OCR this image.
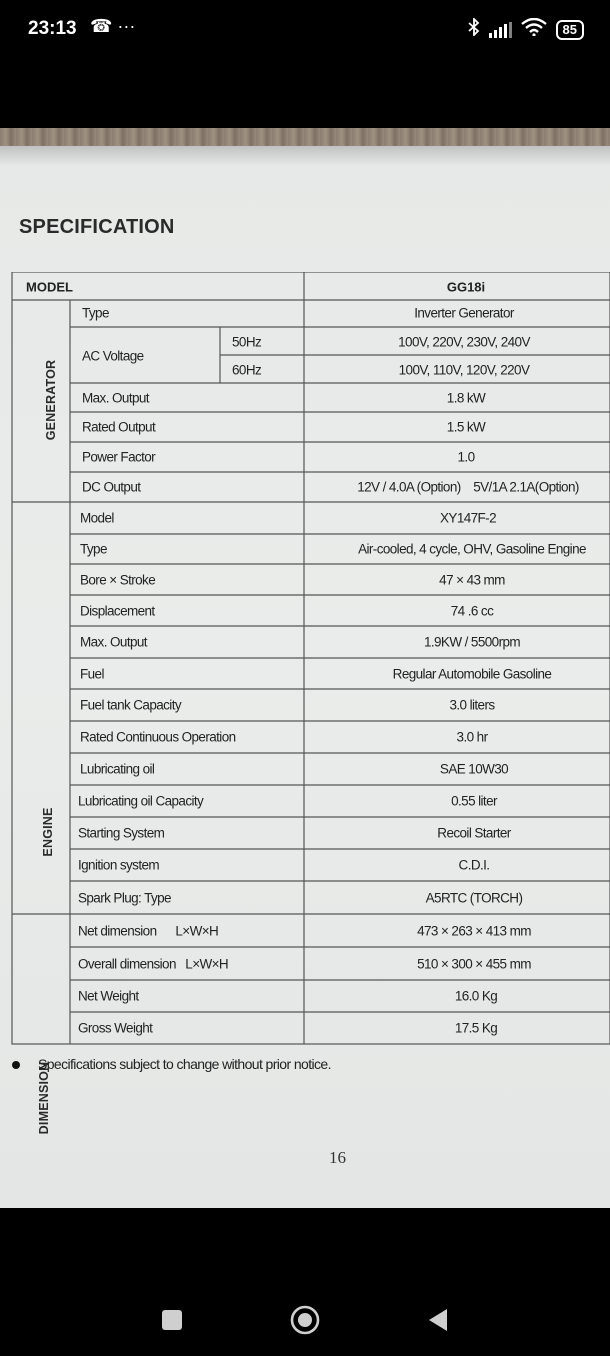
23:13 ☎ ···	85
SPECIFICATION
MODEL	GG18i
GENERATOR
ENGINE
DIMENSION
Type	Inverter Generator
AC Voltage
50Hz	100V, 220V, 230V, 240V
60Hz	100V, 110V, 120V, 220V
Max. Output	1.8 kW
Rated Output	1.5 kW
Power Factor	1.0
DC Output	12V / 4.0A (Option)    5V/1A 2.1A(Option)
Model	XY147F-2
Type	Air-cooled, 4 cycle, OHV, Gasoline Engine
Bore × Stroke	47 × 43 mm
Displacement	74 .6 cc
Max. Output	1.9KW / 5500rpm
Fuel	Regular Automobile Gasoline
Fuel tank Capacity	3.0 liters
Rated Continuous Operation	3.0 hr
Lubricating oil	SAE 10W30
Lubricating oil Capacity	0.55 liter
Starting System	Recoil Starter
Ignition system	C.D.I.
Spark Plug: Type	A5RTC (TORCH)
Net dimension      L×W×H	473 × 263 × 413 mm
Overall dimension   L×W×H	510 × 300 × 455 mm
Net Weight	16.0 Kg
Gross Weight	17.5 Kg
Specifications subject to change without prior notice.
16
